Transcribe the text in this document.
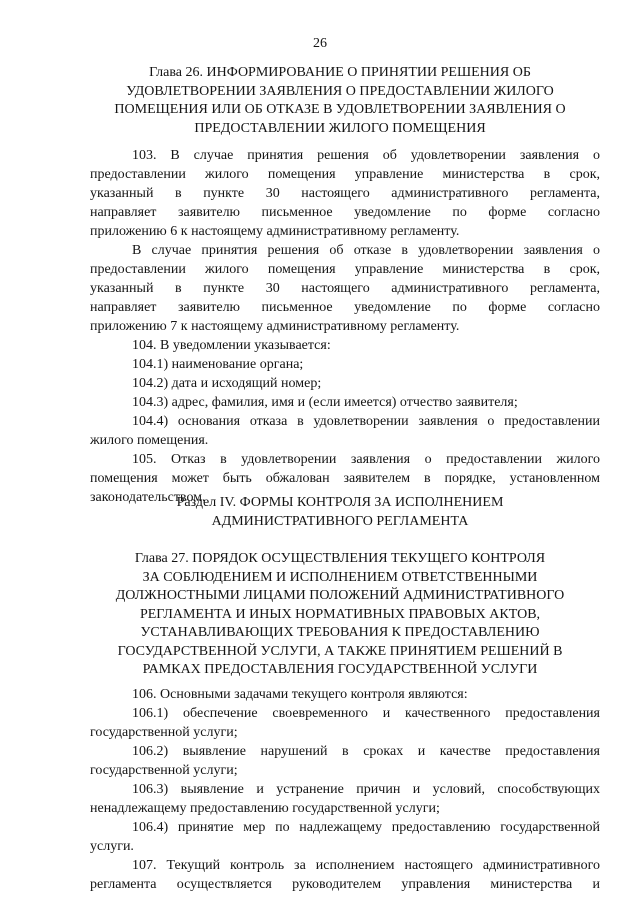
26
Глава 26. ИНФОРМИРОВАНИЕ О ПРИНЯТИИ РЕШЕНИЯ ОБ
УДОВЛЕТВОРЕНИИ ЗАЯВЛЕНИЯ О ПРЕДОСТАВЛЕНИИ ЖИЛОГО
ПОМЕЩЕНИЯ ИЛИ ОБ ОТКАЗЕ В УДОВЛЕТВОРЕНИИ ЗАЯВЛЕНИЯ О
ПРЕДОСТАВЛЕНИИ ЖИЛОГО ПОМЕЩЕНИЯ
103. В случае принятия решения об удовлетворении заявления о
предоставлении жилого помещения управление министерства в срок,
указанный в пункте 30 настоящего административного регламента,
направляет заявителю письменное уведомление по форме согласно
приложению 6 к настоящему административному регламенту.
В случае принятия решения об отказе в удовлетворении заявления о
предоставлении жилого помещения управление министерства в срок,
указанный в пункте 30 настоящего административного регламента,
направляет заявителю письменное уведомление по форме согласно
приложению 7 к настоящему административному регламенту.
104. В уведомлении указывается:
104.1) наименование органа;
104.2) дата и исходящий номер;
104.3) адрес, фамилия, имя и (если имеется) отчество заявителя;
104.4) основания отказа в удовлетворении заявления о предоставлении
жилого помещения.
105. Отказ в удовлетворении заявления о предоставлении жилого
помещения может быть обжалован заявителем в порядке, установленном
законодательством.
Раздел IV. ФОРМЫ КОНТРОЛЯ ЗА ИСПОЛНЕНИЕМ
АДМИНИСТРАТИВНОГО РЕГЛАМЕНТА
Глава 27. ПОРЯДОК ОСУЩЕСТВЛЕНИЯ ТЕКУЩЕГО КОНТРОЛЯ
ЗА СОБЛЮДЕНИЕМ И ИСПОЛНЕНИЕМ ОТВЕТСТВЕННЫМИ
ДОЛЖНОСТНЫМИ ЛИЦАМИ ПОЛОЖЕНИЙ АДМИНИСТРАТИВНОГО
РЕГЛАМЕНТА И ИНЫХ НОРМАТИВНЫХ ПРАВОВЫХ АКТОВ,
УСТАНАВЛИВАЮЩИХ ТРЕБОВАНИЯ К ПРЕДОСТАВЛЕНИЮ
ГОСУДАРСТВЕННОЙ УСЛУГИ, А ТАКЖЕ ПРИНЯТИЕМ РЕШЕНИЙ В
РАМКАХ ПРЕДОСТАВЛЕНИЯ ГОСУДАРСТВЕННОЙ УСЛУГИ
106. Основными задачами текущего контроля являются:
106.1) обеспечение своевременного и качественного предоставления
государственной услуги;
106.2) выявление нарушений в сроках и качестве предоставления
государственной услуги;
106.3) выявление и устранение причин и условий, способствующих
ненадлежащему предоставлению государственной услуги;
106.4) принятие мер по надлежащему предоставлению государственной
услуги.
107. Текущий контроль за исполнением настоящего административного
регламента осуществляется руководителем управления министерства и
